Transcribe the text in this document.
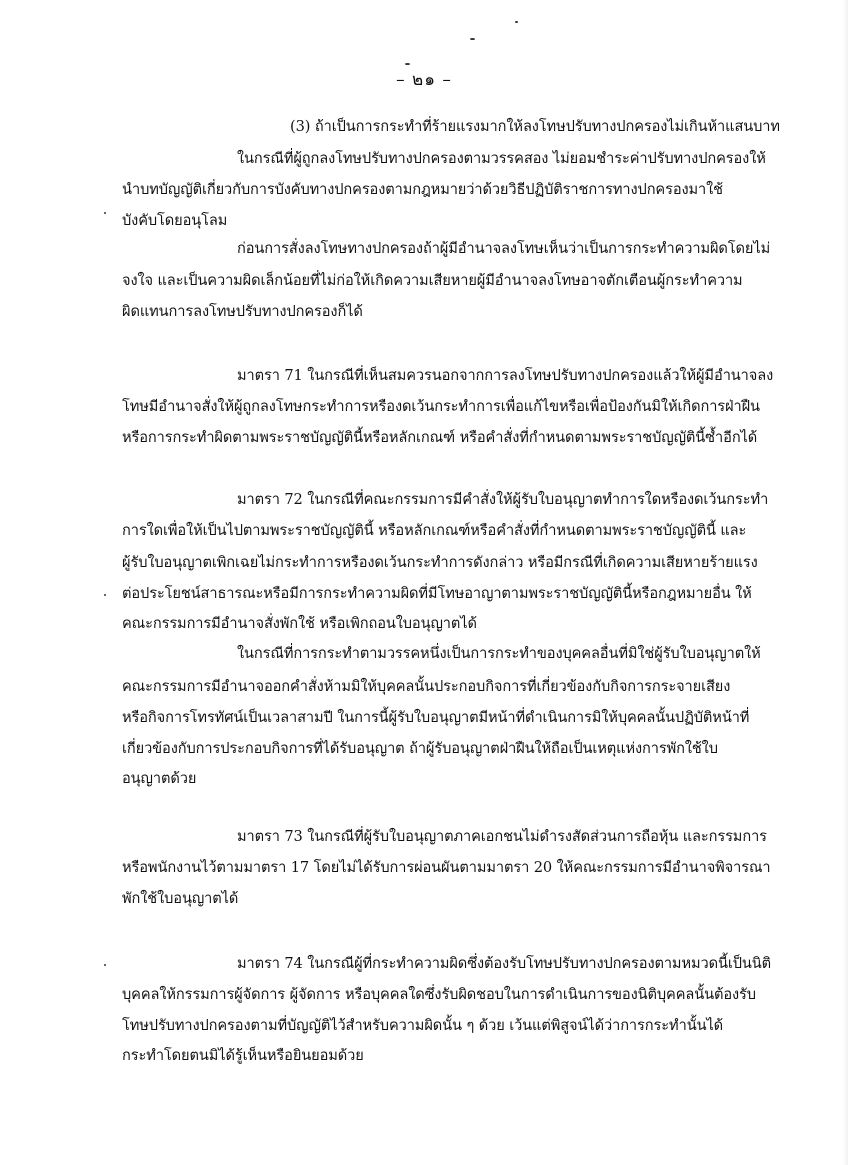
– ๒๑ –
(3) ถ้าเป็นการกระทำที่ร้ายแรงมากให้ลงโทษปรับทางปกครองไม่เกินห้าแสนบาท
ในกรณีที่ผู้ถูกลงโทษปรับทางปกครองตามวรรคสอง ไม่ยอมชำระค่าปรับทางปกครองให้
นำบทบัญญัติเกี่ยวกับการบังคับทางปกครองตามกฎหมายว่าด้วยวิธีปฏิบัติราชการทางปกครองมาใช้
บังคับโดยอนุโลม
ก่อนการสั่งลงโทษทางปกครองถ้าผู้มีอำนาจลงโทษเห็นว่าเป็นการกระทำความผิดโดยไม่
จงใจ และเป็นความผิดเล็กน้อยที่ไม่ก่อให้เกิดความเสียหายผู้มีอำนาจลงโทษอาจตักเตือนผู้กระทำความ
ผิดแทนการลงโทษปรับทางปกครองก็ได้
มาตรา 71 ในกรณีที่เห็นสมควรนอกจากการลงโทษปรับทางปกครองแล้วให้ผู้มีอำนาจลง
โทษมีอำนาจสั่งให้ผู้ถูกลงโทษกระทำการหรืองดเว้นกระทำการเพื่อแก้ไขหรือเพื่อป้องกันมิให้เกิดการฝ่าฝืน
หรือการกระทำผิดตามพระราชบัญญัตินี้หรือหลักเกณฑ์ หรือคำสั่งที่กำหนดตามพระราชบัญญัตินี้ซ้ำอีกได้
มาตรา 72 ในกรณีที่คณะกรรมการมีคำสั่งให้ผู้รับใบอนุญาตทำการใดหรืองดเว้นกระทำ
การใดเพื่อให้เป็นไปตามพระราชบัญญัตินี้ หรือหลักเกณฑ์หรือคำสั่งที่กำหนดตามพระราชบัญญัตินี้ และ
ผู้รับใบอนุญาตเพิกเฉยไม่กระทำการหรืองดเว้นกระทำการดังกล่าว หรือมีกรณีที่เกิดความเสียหายร้ายแรง
ต่อประโยชน์สาธารณะหรือมีการกระทำความผิดที่มีโทษอาญาตามพระราชบัญญัตินี้หรือกฎหมายอื่น ให้
คณะกรรมการมีอำนาจสั่งพักใช้ หรือเพิกถอนใบอนุญาตได้
ในกรณีที่การกระทำตามวรรคหนึ่งเป็นการกระทำของบุคคลอื่นที่มิใช่ผู้รับใบอนุญาตให้
คณะกรรมการมีอำนาจออกคำสั่งห้ามมิให้บุคคลนั้นประกอบกิจการที่เกี่ยวข้องกับกิจการกระจายเสียง
หรือกิจการโทรทัศน์เป็นเวลาสามปี ในการนี้ผู้รับใบอนุญาตมีหน้าที่ดำเนินการมิให้บุคคลนั้นปฏิบัติหน้าที่
เกี่ยวข้องกับการประกอบกิจการที่ได้รับอนุญาต ถ้าผู้รับอนุญาตฝ่าฝืนให้ถือเป็นเหตุแห่งการพักใช้ใบ
อนุญาตด้วย
มาตรา 73 ในกรณีที่ผู้รับใบอนุญาตภาคเอกชนไม่ดำรงสัดส่วนการถือหุ้น และกรรมการ
หรือพนักงานไว้ตามมาตรา 17 โดยไม่ได้รับการผ่อนผันตามมาตรา 20 ให้คณะกรรมการมีอำนาจพิจารณา
พักใช้ใบอนุญาตได้
มาตรา 74 ในกรณีผู้ที่กระทำความผิดซึ่งต้องรับโทษปรับทางปกครองตามหมวดนี้เป็นนิติ
บุคคลให้กรรมการผู้จัดการ ผู้จัดการ หรือบุคคลใดซึ่งรับผิดชอบในการดำเนินการของนิติบุคคลนั้นต้องรับ
โทษปรับทางปกครองตามที่บัญญัติไว้สำหรับความผิดนั้น ๆ ด้วย เว้นแต่พิสูจน์ได้ว่าการกระทำนั้นได้
กระทำโดยตนมิได้รู้เห็นหรือยินยอมด้วย
